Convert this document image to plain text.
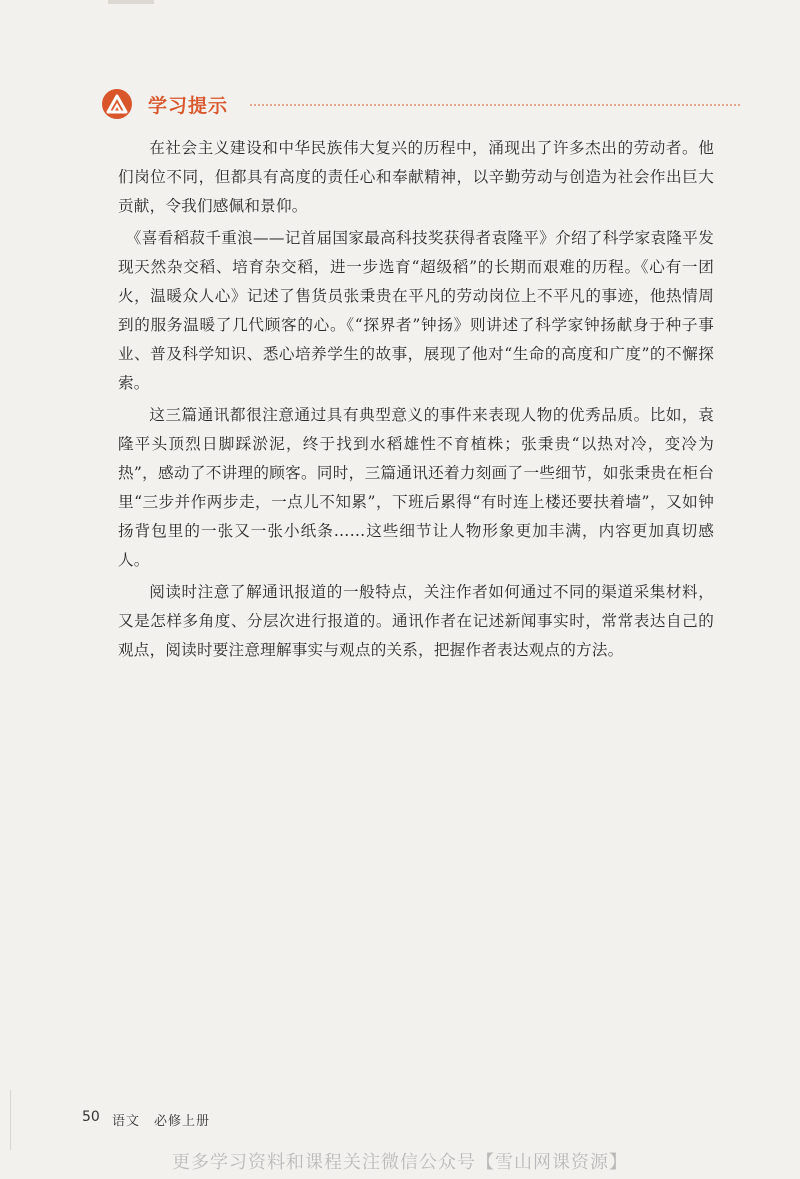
学习提示

在社会主义建设和中华民族伟大复兴的历程中，涌现出了许多杰出的劳动者。他们岗位不同，但都具有高度的责任心和奉献精神，以辛勤劳动与创造为社会作出巨大贡献，令我们感佩和景仰。

《喜看稻菽千重浪——记首届国家最高科技奖获得者袁隆平》介绍了科学家袁隆平发现天然杂交稻、培育杂交稻，进一步选育“超级稻”的长期而艰难的历程。《心有一团火，温暖众人心》记述了售货员张秉贵在平凡的劳动岗位上不平凡的事迹，他热情周到的服务温暖了几代顾客的心。《“探界者”钟扬》则讲述了科学家钟扬献身于种子事业、普及科学知识、悉心培养学生的故事，展现了他对“生命的高度和广度”的不懈探索。

这三篇通讯都很注意通过具有典型意义的事件来表现人物的优秀品质。比如，袁隆平头顶烈日脚踩淤泥，终于找到水稻雄性不育植株；张秉贵“以热对冷，变冷为热”，感动了不讲理的顾客。同时，三篇通讯还着力刻画了一些细节，如张秉贵在柜台里“三步并作两步走，一点儿不知累”，下班后累得“有时连上楼还要扶着墙”，又如钟扬背包里的一张又一张小纸条……这些细节让人物形象更加丰满，内容更加真切感人。

阅读时注意了解通讯报道的一般特点，关注作者如何通过不同的渠道采集材料，又是怎样多角度、分层次进行报道的。通讯作者在记述新闻事实时，常常表达自己的观点，阅读时要注意理解事实与观点的关系，把握作者表达观点的方法。

50 语文　必修上册
更多学习资料和课程关注微信公众号【雪山网课资源】
